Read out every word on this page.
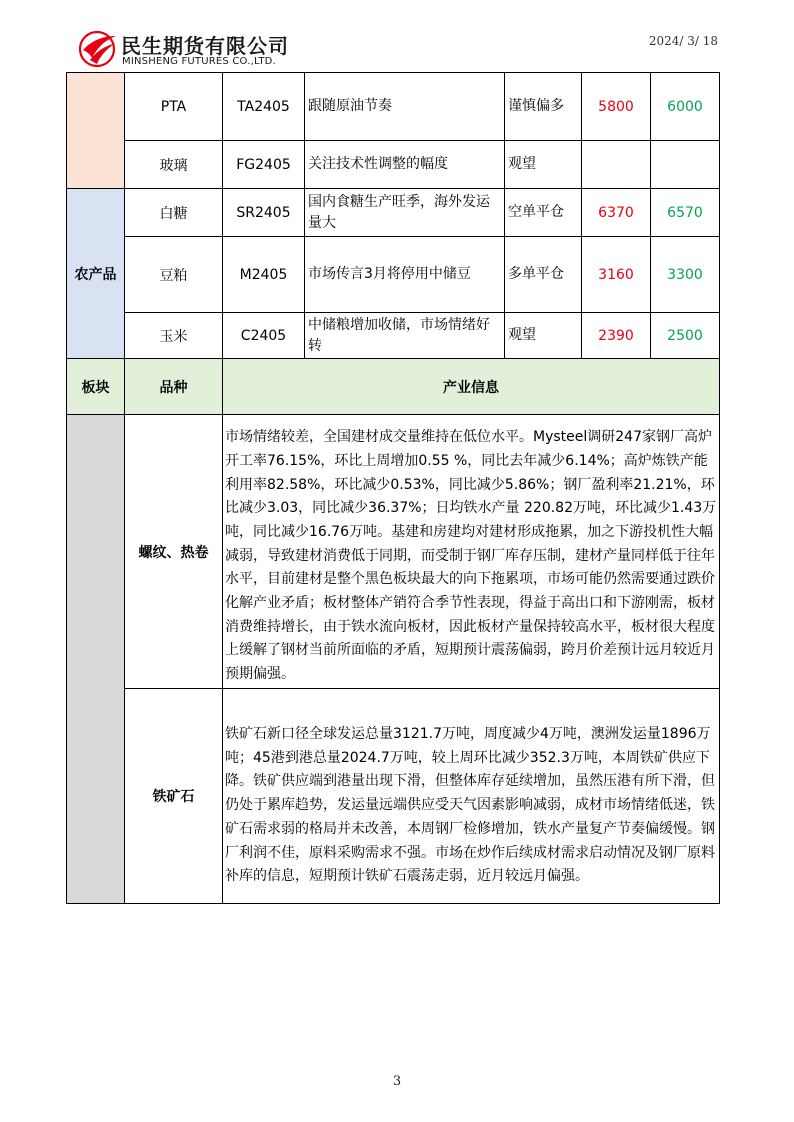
民生期货有限公司
MINSHENG FUTURES CO.,LTD.
2024/ 3/ 18
	PTA	TA2405	跟随原油节奏	谨慎偏多	5800	6000
	玻璃	FG2405	关注技术性调整的幅度	观望		
农产品	白糖	SR2405	国内食糖生产旺季，海外发运量大	空单平仓	6370	6570
	豆粕	M2405	市场传言3月将停用中储豆	多单平仓	3160	3300
	玉米	C2405	中储粮增加收储，市场情绪好转	观望	2390	2500
板块	品种	产业信息				
	螺纹、热卷	市场情绪较差，全国建材成交量维持在低位水平。Mysteel调研247家钢厂高炉开工率76.15%，环比上周增加0.55 %，同比去年减少6.14%；高炉炼铁产能利用率82.58%，环比减少0.53%，同比减少5.86%；钢厂盈利率21.21%，环比减少3.03，同比减少36.37%；日均铁水产量 220.82万吨，环比减少1.43万吨，同比减少16.76万吨。基建和房建均对建材形成拖累，加之下游投机性大幅减弱，导致建材消费低于同期，而受制于钢厂库存压制，建材产量同样低于往年水平，目前建材是整个黑色板块最大的向下拖累项，市场可能仍然需要通过跌价化解产业矛盾；板材整体产销符合季节性表现，得益于高出口和下游刚需，板材消费维持增长，由于铁水流向板材，因此板材产量保持较高水平，板材很大程度上缓解了钢材当前所面临的矛盾，短期预计震荡偏弱，跨月价差预计远月较近月预期偏强。				
	铁矿石	铁矿石新口径全球发运总量3121.7万吨，周度减少4万吨，澳洲发运量1896万吨；45港到港总量2024.7万吨，较上周环比减少352.3万吨，本周铁矿供应下降。铁矿供应端到港量出现下滑，但整体库存延续增加，虽然压港有所下滑，但仍处于累库趋势，发运量远端供应受天气因素影响减弱，成材市场情绪低迷，铁矿石需求弱的格局并未改善，本周钢厂检修增加，铁水产量复产节奏偏缓慢。钢厂利润不佳，原料采购需求不强。市场在炒作后续成材需求启动情况及钢厂原料补库的信息，短期预计铁矿石震荡走弱，近月较远月偏强。				
3
